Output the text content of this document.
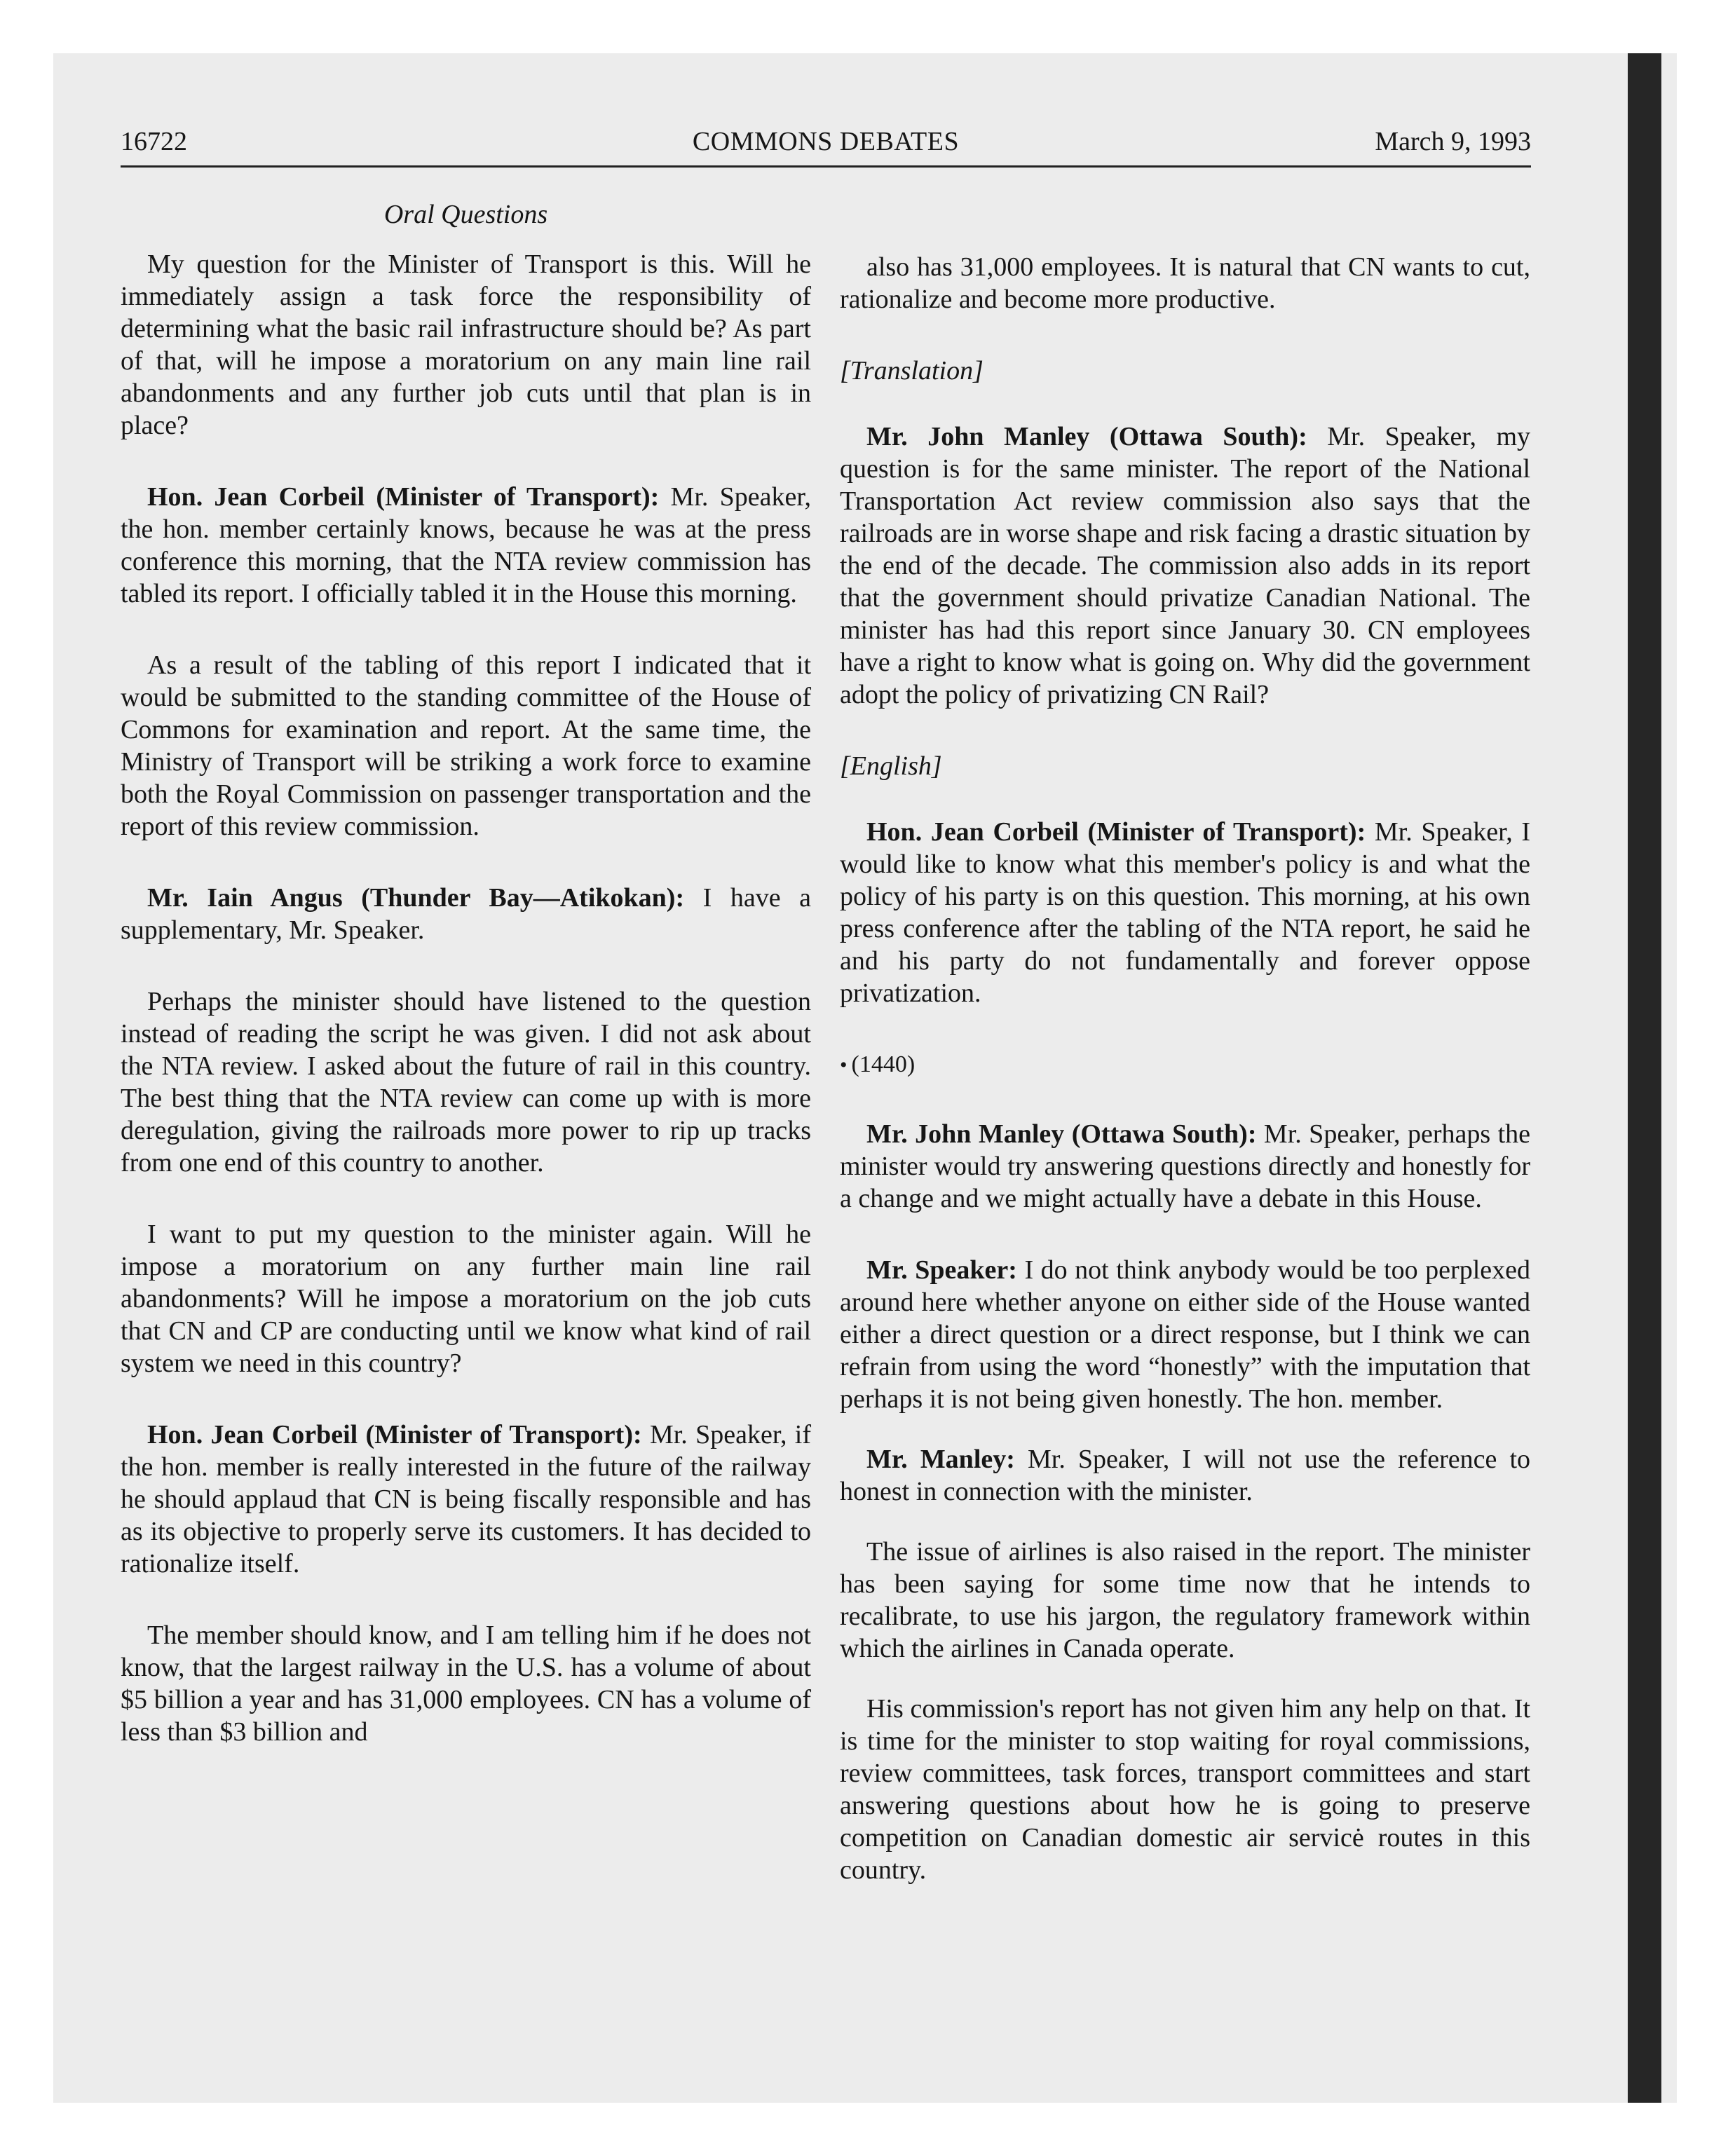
16722	COMMONS DEBATES	March 9, 1993
Oral Questions

My question for the Minister of Transport is this. Will he immediately assign a task force the responsibility of determining what the basic rail infrastructure should be? As part of that, will he impose a moratorium on any main line rail abandonments and any further job cuts until that plan is in place?

Hon. Jean Corbeil (Minister of Transport): Mr. Speaker, the hon. member certainly knows, because he was at the press conference this morning, that the NTA review commission has tabled its report. I officially tabled it in the House this morning.

As a result of the tabling of this report I indicated that it would be submitted to the standing committee of the House of Commons for examination and report. At the same time, the Ministry of Transport will be striking a work force to examine both the Royal Commission on passenger transportation and the report of this review commission.

Mr. Iain Angus (Thunder Bay—Atikokan): I have a supplementary, Mr. Speaker.

Perhaps the minister should have listened to the question instead of reading the script he was given. I did not ask about the NTA review. I asked about the future of rail in this country. The best thing that the NTA review can come up with is more deregulation, giving the railroads more power to rip up tracks from one end of this country to another.

I want to put my question to the minister again. Will he impose a moratorium on any further main line rail abandonments? Will he impose a moratorium on the job cuts that CN and CP are conducting until we know what kind of rail system we need in this country?

Hon. Jean Corbeil (Minister of Transport): Mr. Speaker, if the hon. member is really interested in the future of the railway he should applaud that CN is being fiscally responsible and has as its objective to properly serve its customers. It has decided to rationalize itself.

The member should know, and I am telling him if he does not know, that the largest railway in the U.S. has a volume of about $5 billion a year and has 31,000 employees. CN has a volume of less than $3 billion and

also has 31,000 employees. It is natural that CN wants to cut, rationalize and become more productive.

[Translation]

Mr. John Manley (Ottawa South): Mr. Speaker, my question is for the same minister. The report of the National Transportation Act review commission also says that the railroads are in worse shape and risk facing a drastic situation by the end of the decade. The commission also adds in its report that the government should privatize Canadian National. The minister has had this report since January 30. CN employees have a right to know what is going on. Why did the government adopt the policy of privatizing CN Rail?

[English]

Hon. Jean Corbeil (Minister of Transport): Mr. Speaker, I would like to know what this member's policy is and what the policy of his party is on this question. This morning, at his own press conference after the tabling of the NTA report, he said he and his party do not fundamentally and forever oppose privatization.

• (1440)

Mr. John Manley (Ottawa South): Mr. Speaker, perhaps the minister would try answering questions directly and honestly for a change and we might actually have a debate in this House.

Mr. Speaker: I do not think anybody would be too perplexed around here whether anyone on either side of the House wanted either a direct question or a direct response, but I think we can refrain from using the word “honestly” with the imputation that perhaps it is not being given honestly. The hon. member.

Mr. Manley: Mr. Speaker, I will not use the reference to honest in connection with the minister.

The issue of airlines is also raised in the report. The minister has been saying for some time now that he intends to recalibrate, to use his jargon, the regulatory framework within which the airlines in Canada operate.

His commission's report has not given him any help on that. It is time for the minister to stop waiting for royal commissions, review committees, task forces, transport committees and start answering questions about how he is going to preserve competition on Canadian domestic air servicė routes in this country.
